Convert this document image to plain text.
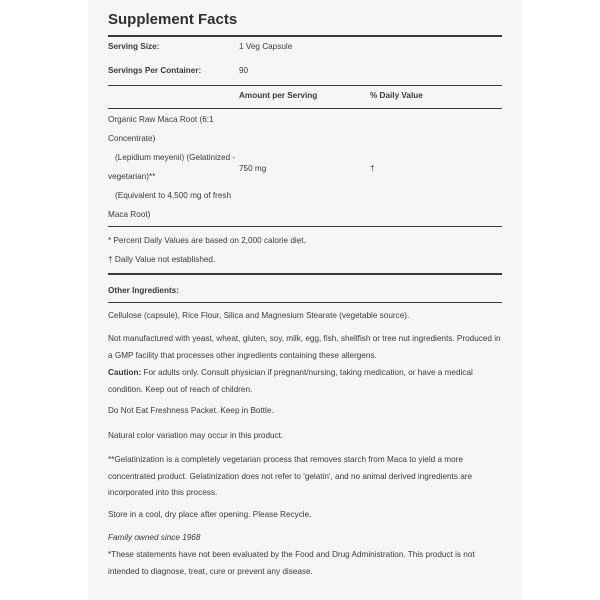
Supplement Facts
Serving Size:	1 Veg Capsule
Servings Per Container:	90
Amount per Serving	% Daily Value
Organic Raw Maca Root (6:1
Concentrate)
(Lepidium meyenii) (Gelatinized -
vegetarian)**
(Equivalent to 4,500 mg of fresh
Maca Root)
750 mg	†
* Percent Daily Values are based on 2,000 calorie diet.
† Daily Value not established.
Other Ingredients:
Cellulose (capsule), Rice Flour, Silica and Magnesium Stearate (vegetable source).
Not manufactured with yeast, wheat, gluten, soy, milk, egg, fish, shellfish or tree nut ingredients. Produced in a GMP facility that processes other ingredients containing these allergens.
Caution: For adults only. Consult physician if pregnant/nursing, taking medication, or have a medical condition. Keep out of reach of children.
Do Not Eat Freshness Packet. Keep in Bottle.
Natural color variation may occur in this product.
**Gelatinization is a completely vegetarian process that removes starch from Maca to yield a more concentrated product. Gelatinization does not refer to 'gelatin', and no animal derived ingredients are incorporated into this process.
Store in a cool, dry place after opening. Please Recycle.
Family owned since 1968
*These statements have not been evaluated by the Food and Drug Administration. This product is not intended to diagnose, treat, cure or prevent any disease.
